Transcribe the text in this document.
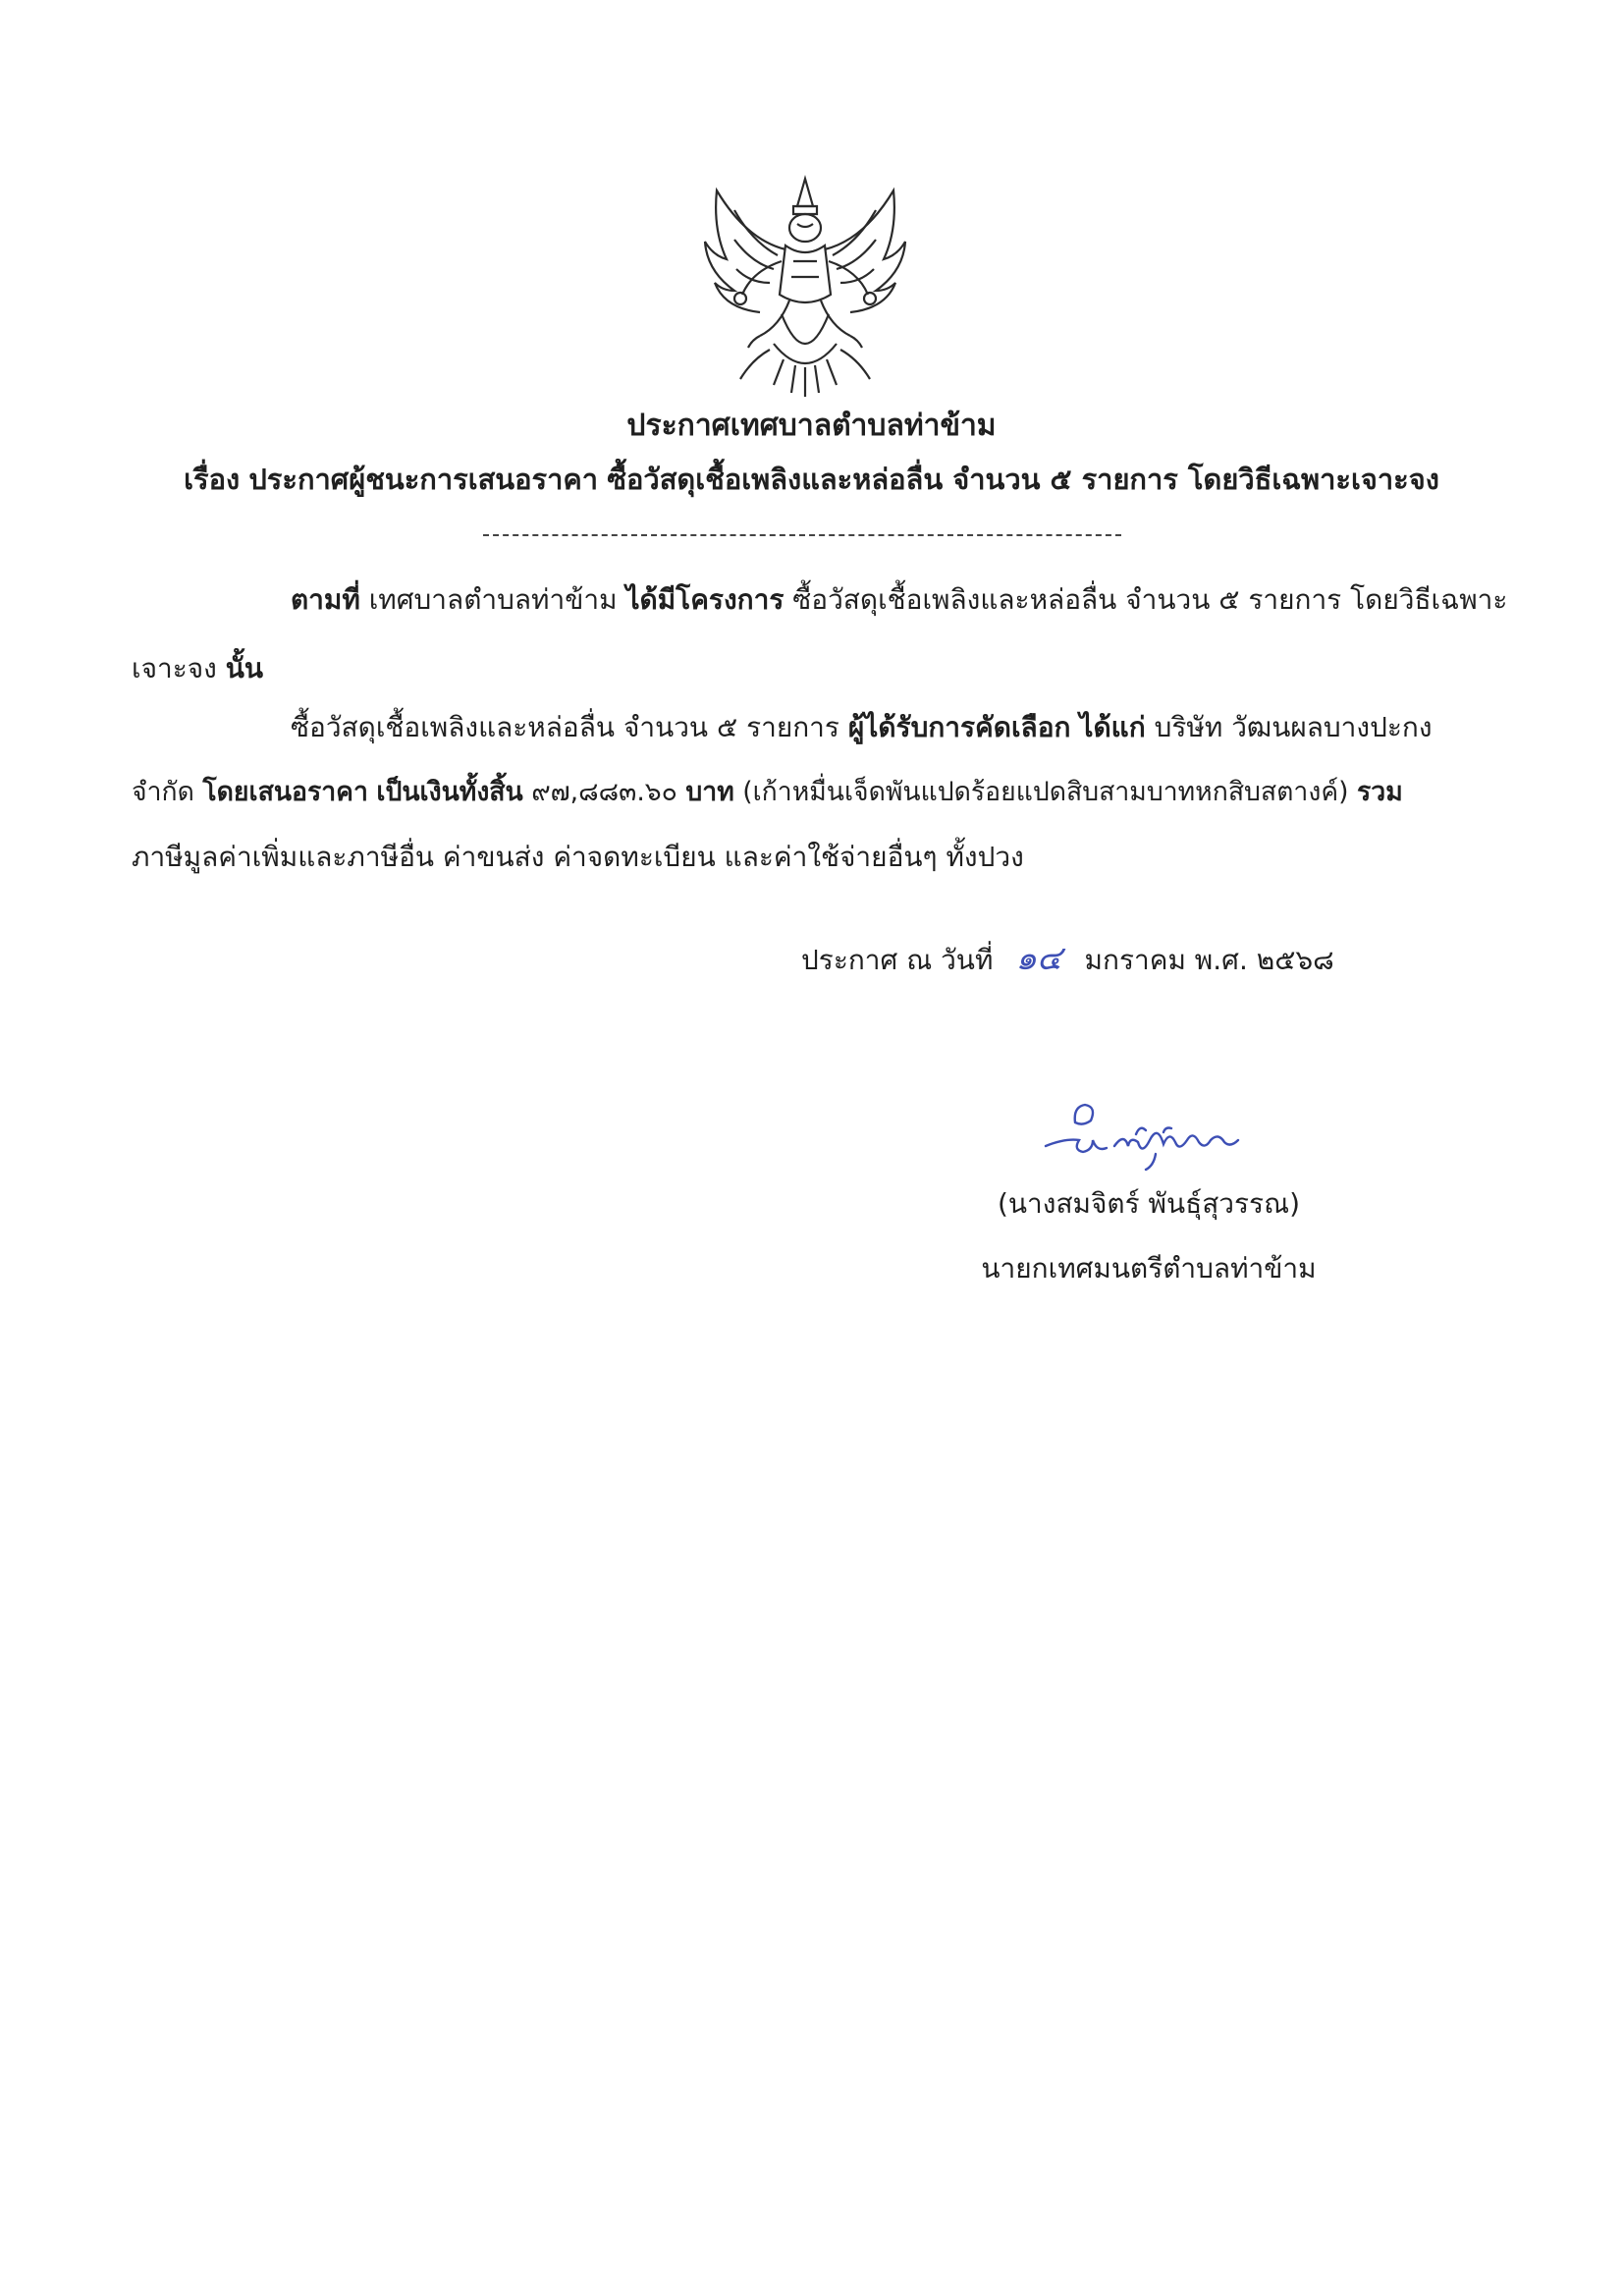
ประกาศเทศบาลตำบลท่าข้าม
เรื่อง ประกาศผู้ชนะการเสนอราคา ซื้อวัสดุเชื้อเพลิงและหล่อลื่น จำนวน ๕ รายการ โดยวิธีเฉพาะเจาะจง
ตามที่ เทศบาลตำบลท่าข้าม ได้มีโครงการ ซื้อวัสดุเชื้อเพลิงและหล่อลื่น จำนวน ๕ รายการ โดยวิธีเฉพาะ
เจาะจง นั้น
ซื้อวัสดุเชื้อเพลิงและหล่อลื่น จำนวน ๕ รายการ ผู้ได้รับการคัดเลือก ได้แก่ บริษัท วัฒนผลบางปะกง
จำกัด โดยเสนอราคา เป็นเงินทั้งสิ้น ๙๗,๘๘๓.๖๐ บาท (เก้าหมื่นเจ็ดพันแปดร้อยแปดสิบสามบาทหกสิบสตางค์) รวม
ภาษีมูลค่าเพิ่มและภาษีอื่น ค่าขนส่ง ค่าจดทะเบียน และค่าใช้จ่ายอื่นๆ ทั้งปวง
ประกาศ ณ วันที่ ๑๔ มกราคม พ.ศ. ๒๕๖๘
(นางสมจิตร์ พันธุ์สุวรรณ)
นายกเทศมนตรีตำบลท่าข้าม
